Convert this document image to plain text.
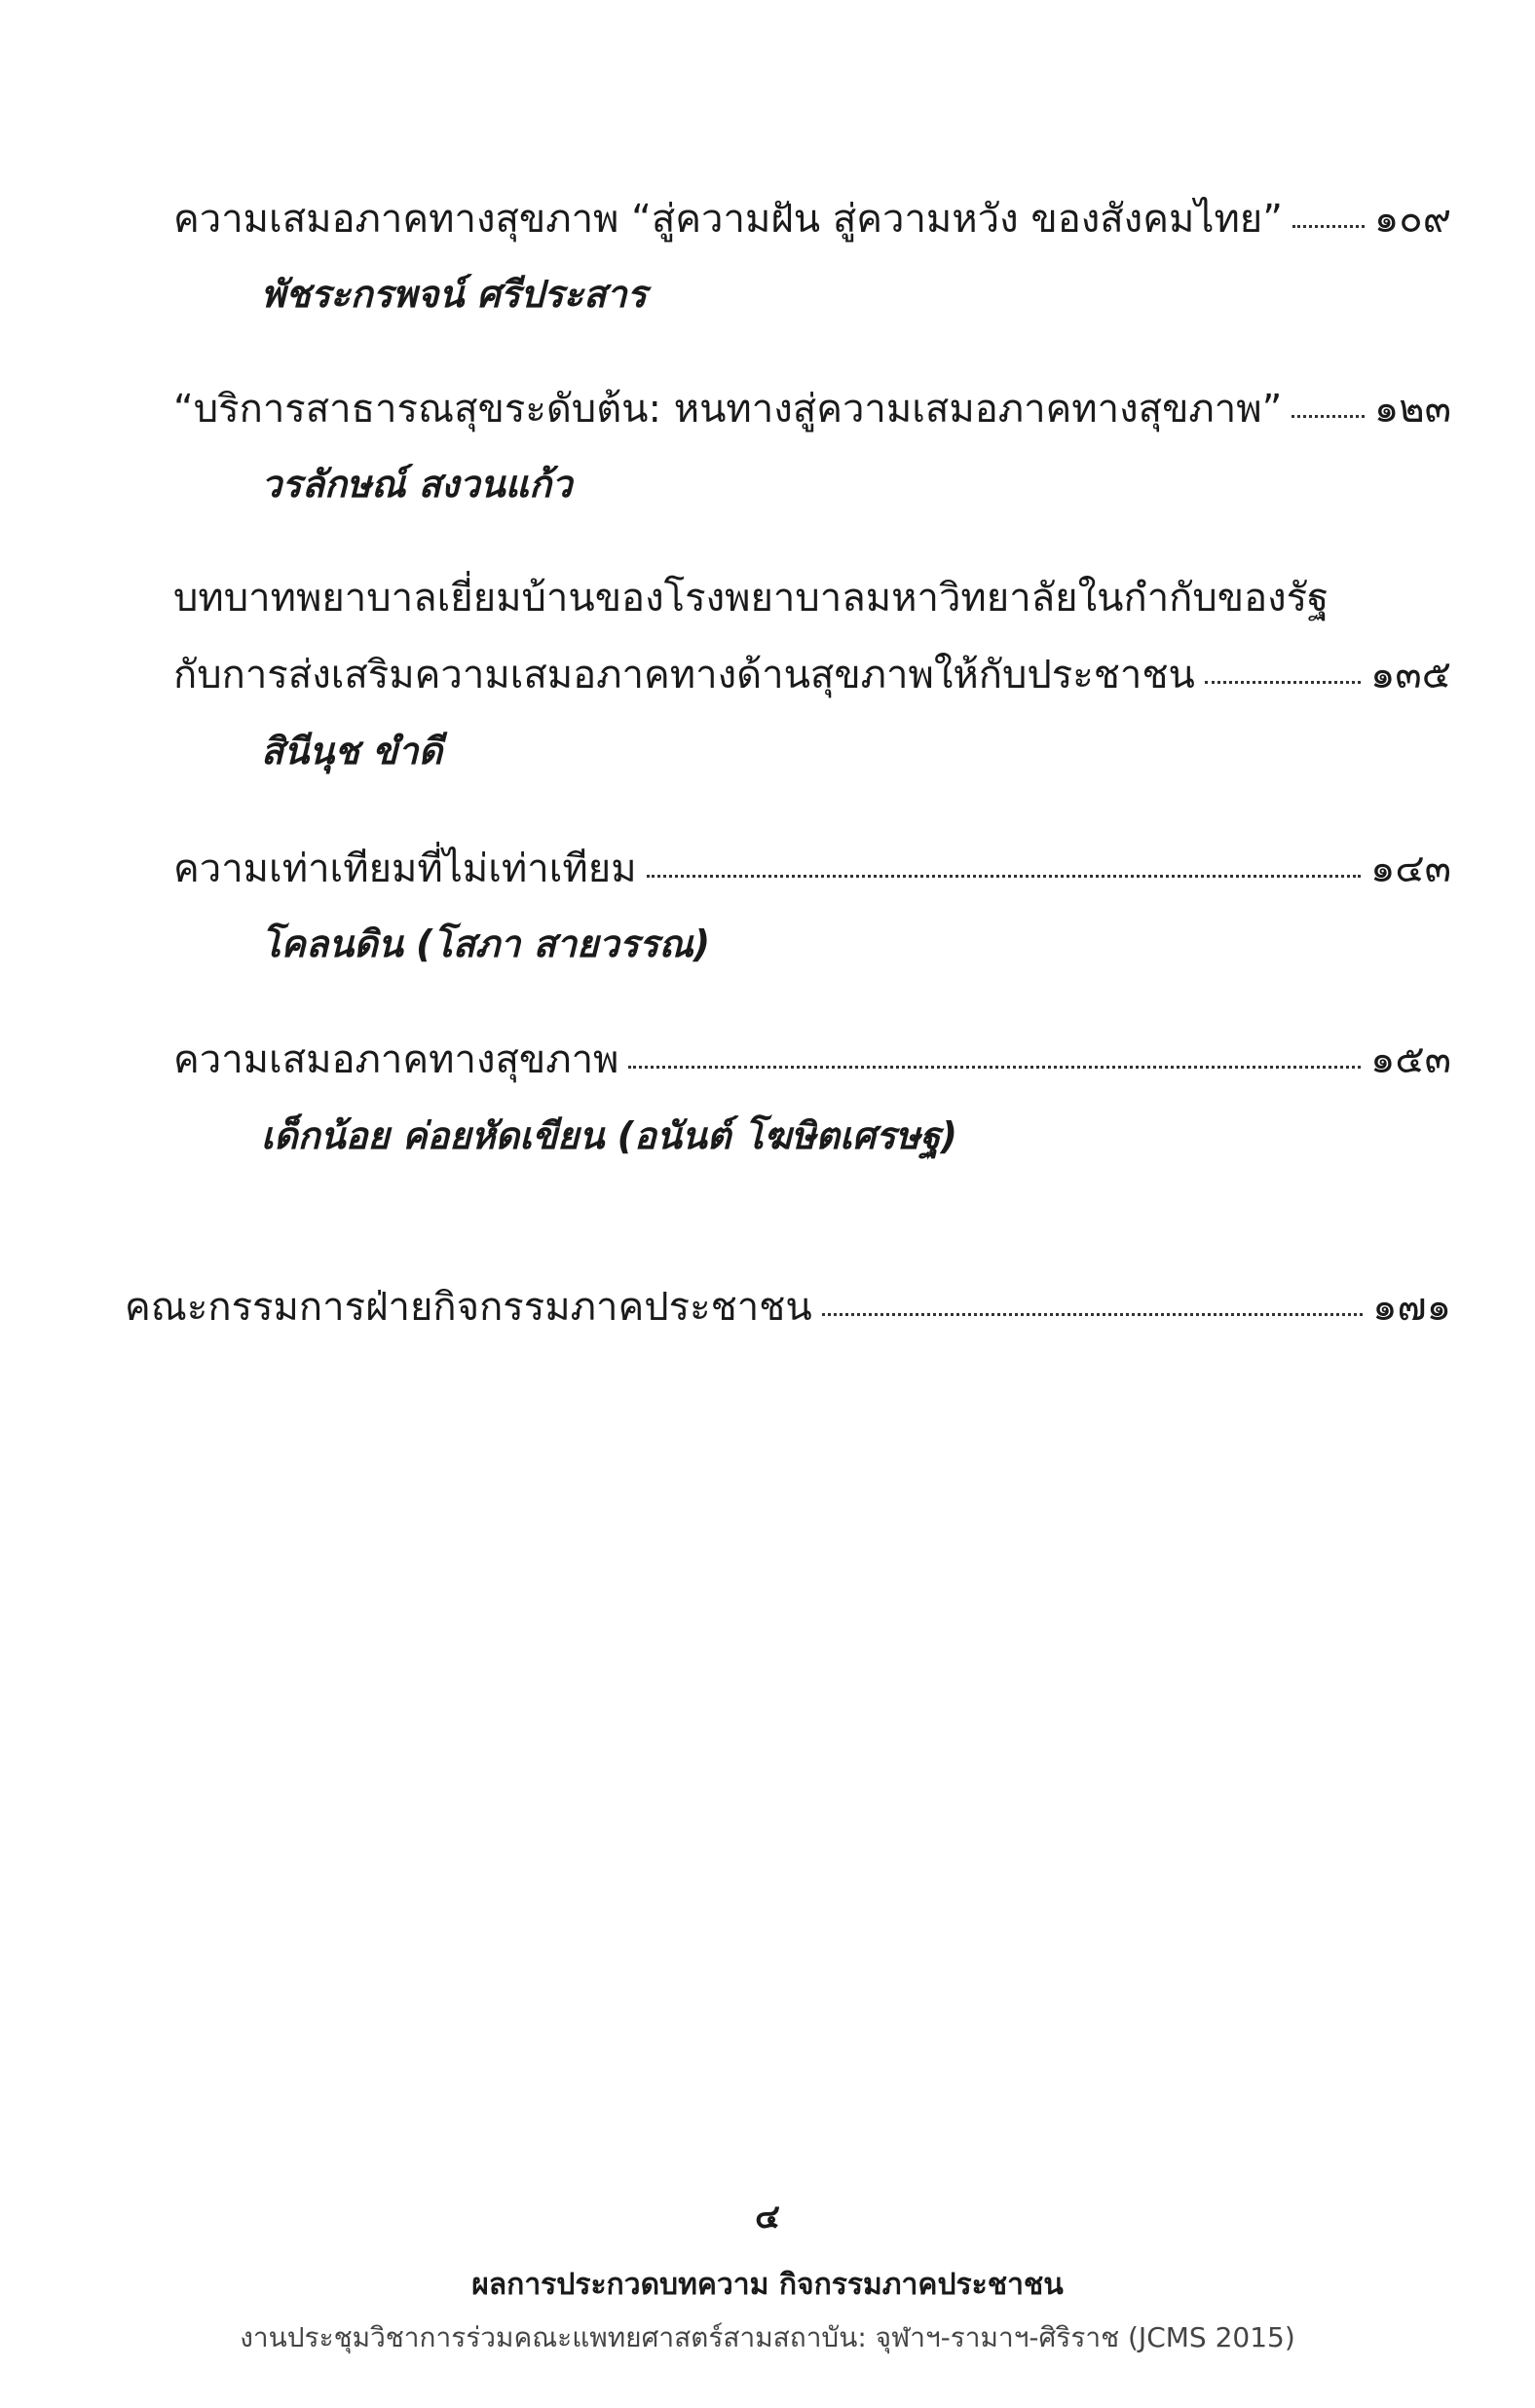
ความเสมอภาคทางสุขภาพ “สู่ความฝัน สู่ความหวัง ของสังคมไทย” ๑๐๙
พัชระกรพจน์ ศรีประสาร
“บริการสาธารณสุขระดับต้น: หนทางสู่ความเสมอภาคทางสุขภาพ” ๑๒๓
วรลักษณ์ สงวนแก้ว
บทบาทพยาบาลเยี่ยมบ้านของโรงพยาบาลมหาวิทยาลัยในกำกับของรัฐ
กับการส่งเสริมความเสมอภาคทางด้านสุขภาพให้กับประชาชน	๑๓๕
สินีนุช ขำดี
ความเท่าเทียมที่ไม่เท่าเทียม	๑๔๓
โคลนดิน (โสภา สายวรรณ)
ความเสมอภาคทางสุขภาพ	๑๕๓
เด็กน้อย ค่อยหัดเขียน (อนันต์ โฆษิตเศรษฐ)
คณะกรรมการฝ่ายกิจกรรมภาคประชาชน	๑๗๑
๔
ผลการประกวดบทความ กิจกรรมภาคประชาชน
งานประชุมวิชาการร่วมคณะแพทยศาสตร์สามสถาบัน: จุฬาฯ-รามาฯ-ศิริราช (JCMS 2015)
